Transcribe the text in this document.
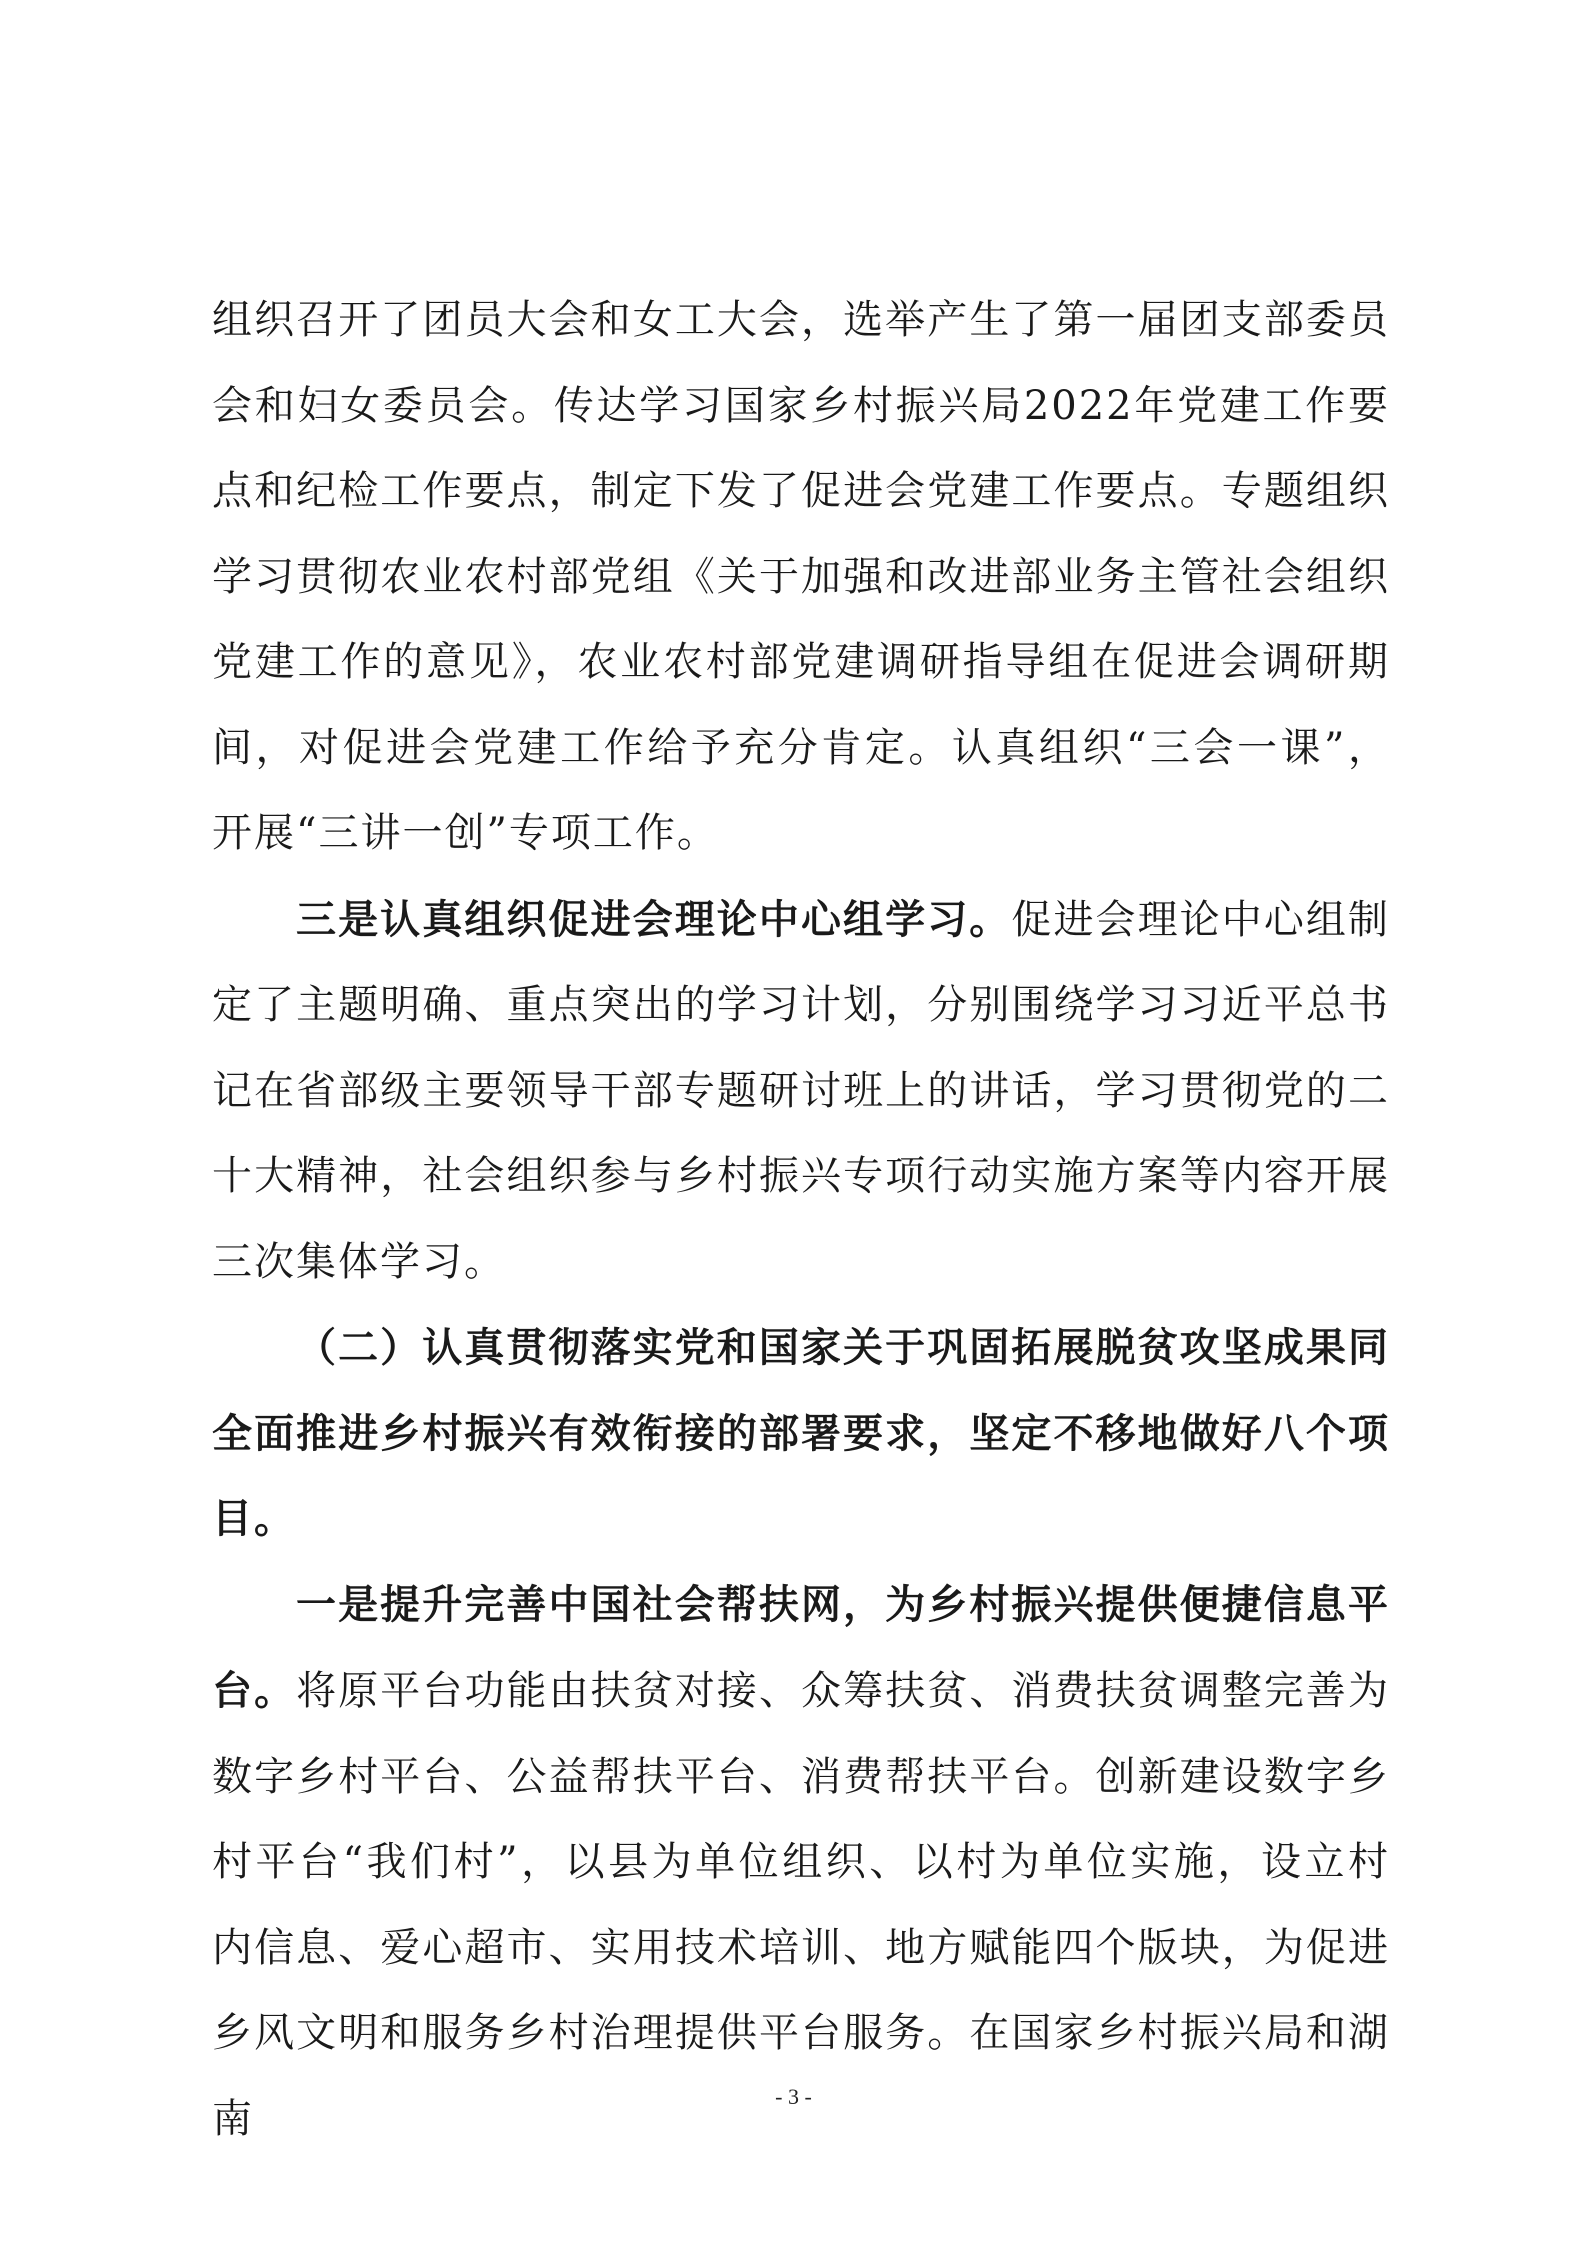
组织召开了团员大会和女工大会，选举产生了第一届团支部委员会和妇女委员会。传达学习国家乡村振兴局2022年党建工作要点和纪检工作要点，制定下发了促进会党建工作要点。专题组织学习贯彻农业农村部党组《关于加强和改进部业务主管社会组织党建工作的意见》，农业农村部党建调研指导组在促进会调研期间，对促进会党建工作给予充分肯定。认真组织“三会一课”，开展“三讲一创”专项工作。

三是认真组织促进会理论中心组学习。促进会理论中心组制定了主题明确、重点突出的学习计划，分别围绕学习习近平总书记在省部级主要领导干部专题研讨班上的讲话，学习贯彻党的二十大精神，社会组织参与乡村振兴专项行动实施方案等内容开展三次集体学习。

（二）认真贯彻落实党和国家关于巩固拓展脱贫攻坚成果同全面推进乡村振兴有效衔接的部署要求，坚定不移地做好八个项目。

一是提升完善中国社会帮扶网，为乡村振兴提供便捷信息平台。将原平台功能由扶贫对接、众筹扶贫、消费扶贫调整完善为数字乡村平台、公益帮扶平台、消费帮扶平台。创新建设数字乡村平台“我们村”，以县为单位组织、以村为单位实施，设立村内信息、爱心超市、实用技术培训、地方赋能四个版块，为促进乡风文明和服务乡村治理提供平台服务。在国家乡村振兴局和湖南	- 3 -
